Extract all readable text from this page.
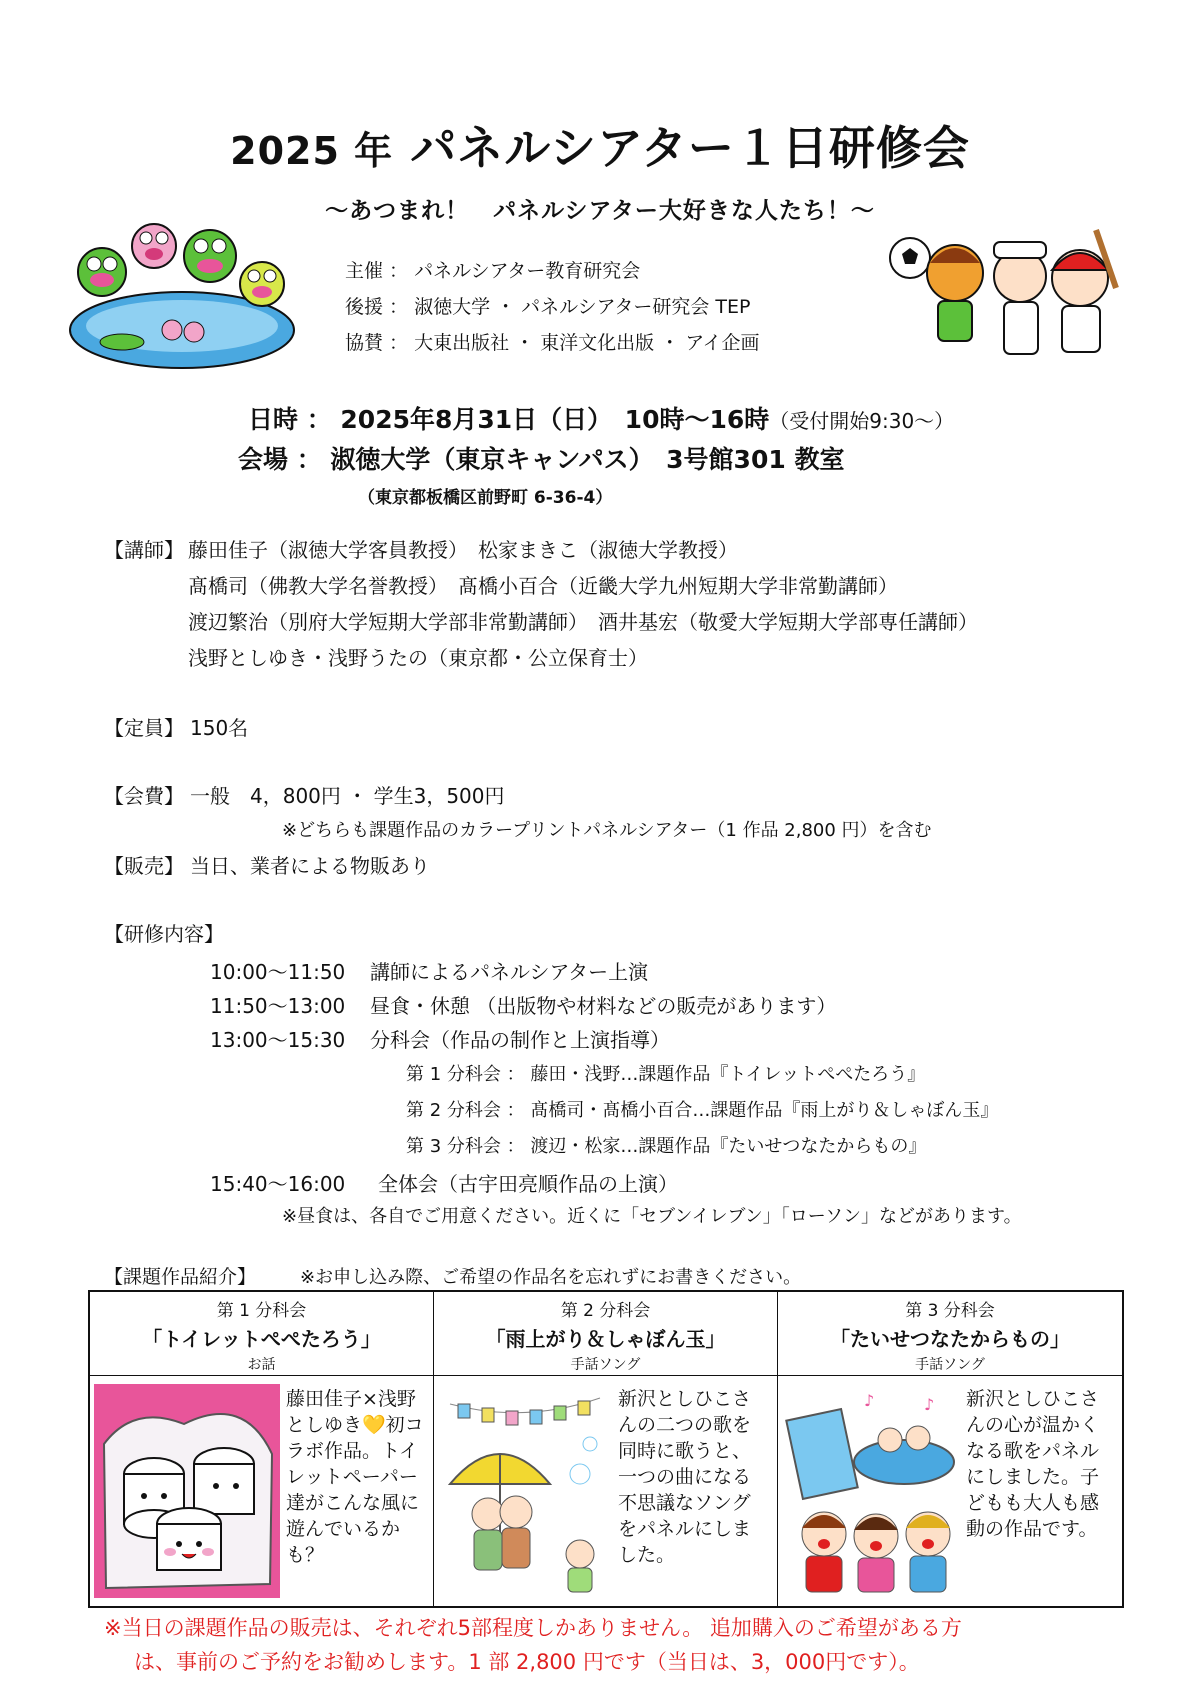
2025 年 パネルシアター１日研修会
～あつまれ！　パネルシアター大好きな人たち！～
主催 ： パネルシアター教育研究会
後援 ： 淑徳大学 ・ パネルシアター研究会 TEP
協賛 ： 大東出版社 ・ 東洋文化出版 ・ アイ企画
日時 ： 2025年8月31日（日）　10時～16時（受付開始9:30～）
会場 ： 淑徳大学（東京キャンパス）　3号館301 教室
（東京都板橋区前野町 6-36-4）
【講師】 藤田佳子（淑徳大学客員教授）　松家まきこ（淑徳大学教授）
髙橋司（佛教大学名誉教授）　髙橋小百合（近畿大学九州短期大学非常勤講師）
渡辺繁治（別府大学短期大学部非常勤講師）　酒井基宏（敬愛大学短期大学部専任講師）
浅野としゆき・浅野うたの（東京都・公立保育士）
【定員】 150名
【会費】 一般　4，800円 ・ 学生3，500円
※どちらも課題作品のカラープリントパネルシアター（1 作品 2,800 円）を含む
【販売】 当日、業者による物販あり
【研修内容】
10:00～11:50 講師によるパネルシアター上演
11:50～13:00 昼食・休憩 （出版物や材料などの販売があります）
13:00～15:30 分科会（作品の制作と上演指導）
第 1 分科会 ： 藤田・浅野…課題作品『トイレットぺぺたろう』
第 2 分科会 ： 髙橋司・髙橋小百合…課題作品『雨上がり＆しゃぼん玉』
第 3 分科会 ： 渡辺・松家…課題作品『たいせつなたからもの』
15:40～16:00 全体会（古宇田亮順作品の上演）
※昼食は、各自でご用意ください。近くに「セブンイレブン」「ローソン」などがあります。
【課題作品紹介】 ※お申し込み際、ご希望の作品名を忘れずにお書きください。
第 1 分科会
「トイレットぺぺたろう」
お話
第 2 分科会
「雨上がり＆しゃぼん玉」
手話ソング
第 3 分科会
「たいせつなたからもの」
手話ソング
藤田佳子×浅野としゆき💛初コラボ作品。トイレットペーパー達がこんな風に遊んでいるかも？
新沢としひこさんの二つの歌を同時に歌うと、一つの曲になる不思議なソングをパネルにしました。
♪	♪ 新沢としひこさんの心が温かくなる歌をパネルにしました。子どもも大人も感動の作品です。
※当日の課題作品の販売は、それぞれ5部程度しかありません。 追加購入のご希望がある方
は、事前のご予約をお勧めします。1 部 2,800 円です（当日は、3，000円です）。
